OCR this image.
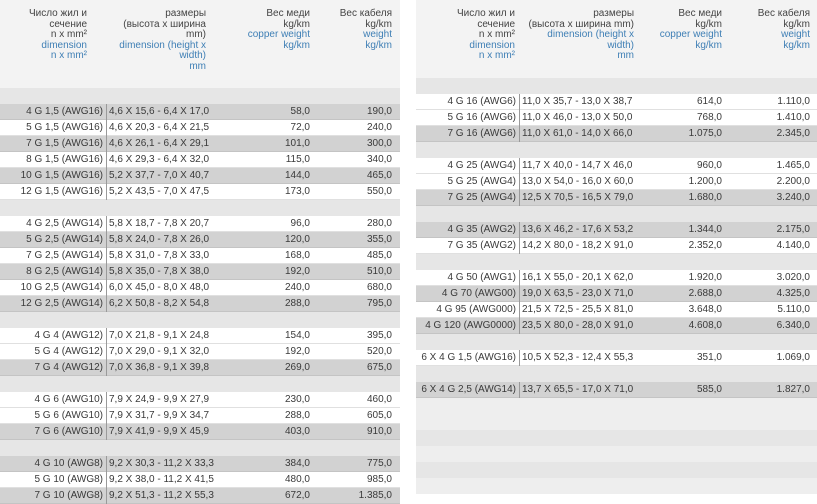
Число жил и
сечение
n x mm²
dimension
n x mm²
размеры
(высота х ширина
mm)
dimension (height x
width)
mm
Вес меди
kg/km
copper weight
kg/km
Вес кабеля
kg/km
weight
kg/km
4 G 1,5 (AWG16) 4,6 X 15,6 - 6,4 X 17,0	58,0	190,0
5 G 1,5 (AWG16) 4,6 X 20,3 - 6,4 X 21,5	72,0	240,0
7 G 1,5 (AWG16) 4,6 X 26,1 - 6,4 X 29,1	101,0	300,0
8 G 1,5 (AWG16) 4,6 X 29,3 - 6,4 X 32,0	115,0	340,0
10 G 1,5 (AWG16) 5,2 X 37,7 - 7,0 X 40,7	144,0	465,0
12 G 1,5 (AWG16) 5,2 X 43,5 - 7,0 X 47,5	173,0	550,0
4 G 2,5 (AWG14) 5,8 X 18,7 - 7,8 X 20,7	96,0	280,0
5 G 2,5 (AWG14) 5,8 X 24,0 - 7,8 X 26,0	120,0	355,0
7 G 2,5 (AWG14) 5,8 X 31,0 - 7,8 X 33,0	168,0	485,0
8 G 2,5 (AWG14) 5,8 X 35,0 - 7,8 X 38,0	192,0	510,0
10 G 2,5 (AWG14) 6,0 X 45,0 - 8,0 X 48,0	240,0	680,0
12 G 2,5 (AWG14) 6,2 X 50,8 - 8,2 X 54,8	288,0	795,0
4 G 4 (AWG12) 7,0 X 21,8 - 9,1 X 24,8	154,0	395,0
5 G 4 (AWG12) 7,0 X 29,0 - 9,1 X 32,0	192,0	520,0
7 G 4 (AWG12) 7,0 X 36,8 - 9,1 X 39,8	269,0	675,0
4 G 6 (AWG10) 7,9 X 24,9 - 9,9 X 27,9	230,0	460,0
5 G 6 (AWG10) 7,9 X 31,7 - 9,9 X 34,7	288,0	605,0
7 G 6 (AWG10) 7,9 X 41,9 - 9,9 X 45,9	403,0	910,0
4 G 10 (AWG8) 9,2 X 30,3 - 11,2 X 33,3	384,0	775,0
5 G 10 (AWG8) 9,2 X 38,0 - 11,2 X 41,5	480,0	985,0
7 G 10 (AWG8) 9,2 X 51,3 - 11,2 X 55,3	672,0	1.385,0
Число жил и
сечение
n x mm²
dimension
n x mm²
размеры
(высота х ширина mm)
dimension (height x
width)
mm
Вес меди
kg/km
copper weight
kg/km
Вес кабеля
kg/km
weight
kg/km
4 G 16 (AWG6) 11,0 X 35,7 - 13,0 X 38,7	614,0	1.110,0
5 G 16 (AWG6) 11,0 X 46,0 - 13,0 X 50,0	768,0	1.410,0
7 G 16 (AWG6) 11,0 X 61,0 - 14,0 X 66,0	1.075,0	2.345,0
4 G 25 (AWG4) 11,7 X 40,0 - 14,7 X 46,0	960,0	1.465,0
5 G 25 (AWG4) 13,0 X 54,0 - 16,0 X 60,0	1.200,0	2.200,0
7 G 25 (AWG4) 12,5 X 70,5 - 16,5 X 79,0	1.680,0	3.240,0
4 G 35 (AWG2) 13,6 X 46,2 - 17,6 X 53,2	1.344,0	2.175,0
7 G 35 (AWG2) 14,2 X 80,0 - 18,2 X 91,0	2.352,0	4.140,0
4 G 50 (AWG1) 16,1 X 55,0 - 20,1 X 62,0	1.920,0	3.020,0
4 G 70 (AWG00) 19,0 X 63,5 - 23,0 X 71,0	2.688,0	4.325,0
4 G 95 (AWG000) 21,5 X 72,5 - 25,5 X 81,0	3.648,0	5.110,0
4 G 120 (AWG0000) 23,5 X 80,0 - 28,0 X 91,0	4.608,0	6.340,0
6 X 4 G 1,5 (AWG16) 10,5 X 52,3 - 12,4 X 55,3	351,0	1.069,0
6 X 4 G 2,5 (AWG14) 13,7 X 65,5 - 17,0 X 71,0	585,0	1.827,0
